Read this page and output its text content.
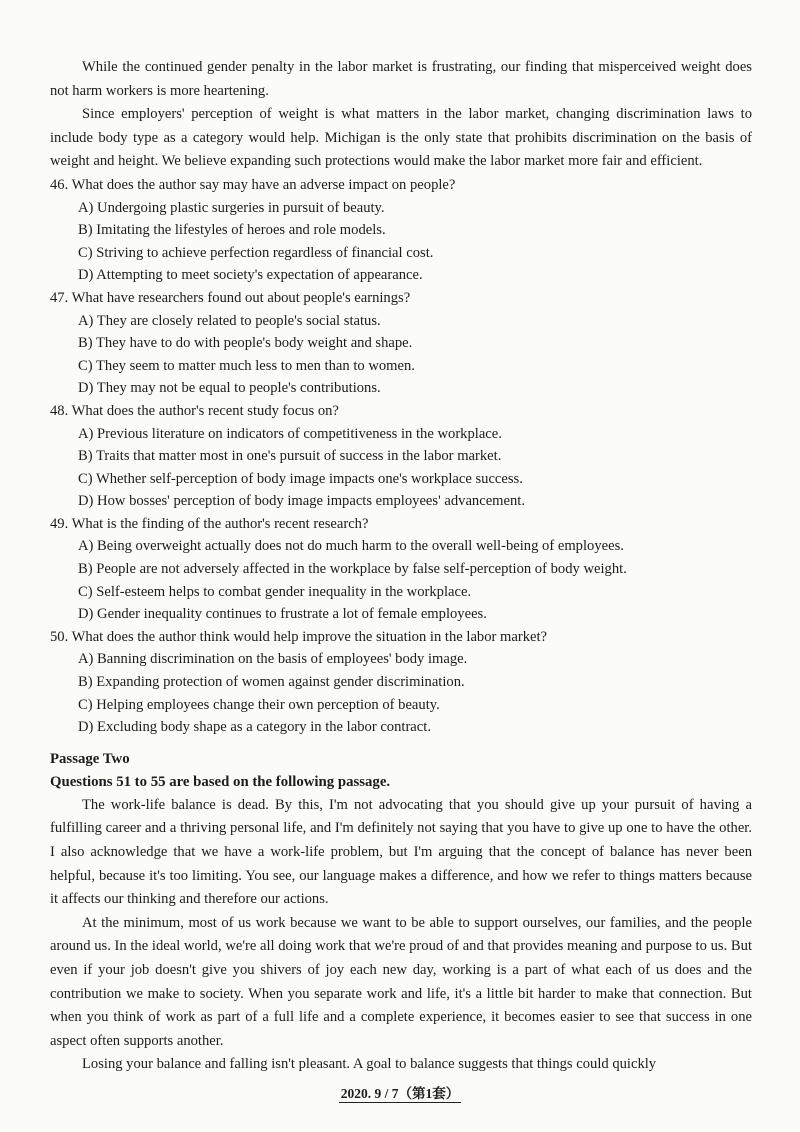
While the continued gender penalty in the labor market is frustrating, our finding that misperceived weight does not harm workers is more heartening.

Since employers' perception of weight is what matters in the labor market, changing discrimination laws to include body type as a category would help. Michigan is the only state that prohibits discrimination on the basis of weight and height. We believe expanding such protections would make the labor market more fair and efficient.

46. What does the author say may have an adverse impact on people?

A) Undergoing plastic surgeries in pursuit of beauty.

B) Imitating the lifestyles of heroes and role models.

C) Striving to achieve perfection regardless of financial cost.

D) Attempting to meet society's expectation of appearance.

47. What have researchers found out about people's earnings?

A) They are closely related to people's social status.

B) They have to do with people's body weight and shape.

C) They seem to matter much less to men than to women.

D) They may not be equal to people's contributions.

48. What does the author's recent study focus on?

A) Previous literature on indicators of competitiveness in the workplace.

B) Traits that matter most in one's pursuit of success in the labor market.

C) Whether self-perception of body image impacts one's workplace success.

D) How bosses' perception of body image impacts employees' advancement.

49. What is the finding of the author's recent research?

A) Being overweight actually does not do much harm to the overall well-being of employees.

B) People are not adversely affected in the workplace by false self-perception of body weight.

C) Self-esteem helps to combat gender inequality in the workplace.

D) Gender inequality continues to frustrate a lot of female employees.

50. What does the author think would help improve the situation in the labor market?

A) Banning discrimination on the basis of employees' body image.

B) Expanding protection of women against gender discrimination.

C) Helping employees change their own perception of beauty.

D) Excluding body shape as a category in the labor contract.

Passage Two

Questions 51 to 55 are based on the following passage.

The work-life balance is dead. By this, I'm not advocating that you should give up your pursuit of having a fulfilling career and a thriving personal life, and I'm definitely not saying that you have to give up one to have the other. I also acknowledge that we have a work-life problem, but I'm arguing that the concept of balance has never been helpful, because it's too limiting. You see, our language makes a difference, and how we refer to things matters because it affects our thinking and therefore our actions.

At the minimum, most of us work because we want to be able to support ourselves, our families, and the people around us. In the ideal world, we're all doing work that we're proud of and that provides meaning and purpose to us. But even if your job doesn't give you shivers of joy each new day, working is a part of what each of us does and the contribution we make to society. When you separate work and life, it's a little bit harder to make that connection. But when you think of work as part of a full life and a complete experience, it becomes easier to see that success in one aspect often supports another.

Losing your balance and falling isn't pleasant. A goal to balance suggests that things could quickly

2020. 9 / 7（第1套）
